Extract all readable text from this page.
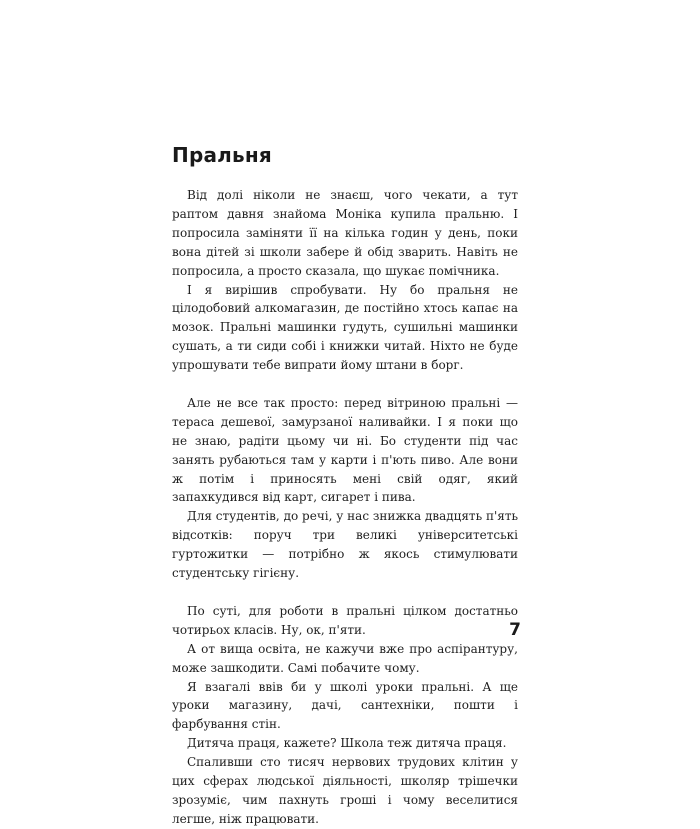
Пральня

Від долі ніколи не знаєш, чого чекати, а тут раптом давня знайома Моніка купила пральню. І попросила заміняти її на кілька годин у день, поки вона дітей зі школи забере й обід зварить. Навіть не попросила, а просто сказала, що шукає помічника.

І я вирішив спробувати. Ну бо пральня не цілодобовий алкомагазин, де постійно хтось капає на мозок. Пральні машинки гудуть, сушильні машинки сушать, а ти сиди собі і книжки читай. Ніхто не буде упрошувати тебе випрати йому штани в борг.

Але не все так просто: перед вітриною пральні — тераса дешевої, замурзаної наливайки. І я поки що не знаю, радіти цьому чи ні. Бо студенти під час занять рубаються там у карти і п'ють пиво. Але вони ж потім і приносять мені свій одяг, який запахкудився від карт, сигарет і пива.

Для студентів, до речі, у нас знижка двадцять п'ять відсотків: поруч три великі університетські гуртожитки — потрібно ж якось стимулювати студентську гігієну.

По суті, для роботи в пральні цілком достатньо чотирьох класів. Ну, ок, п'яти.

А от вища освіта, не кажучи вже про аспірантуру, може зашкодити. Самі побачите чому.

Я взагалі ввів би у школі уроки пральні. А ще уроки магазину, дачі, сантехніки, пошти і фарбування стін.

Дитяча праця, кажете? Школа теж дитяча праця.

Спаливши сто тисяч нервових трудових клітин у цих сферах людської діяльності, школяр трішечки зрозуміє, чим пахнуть гроші і чому веселитися легше, ніж працювати.

7
